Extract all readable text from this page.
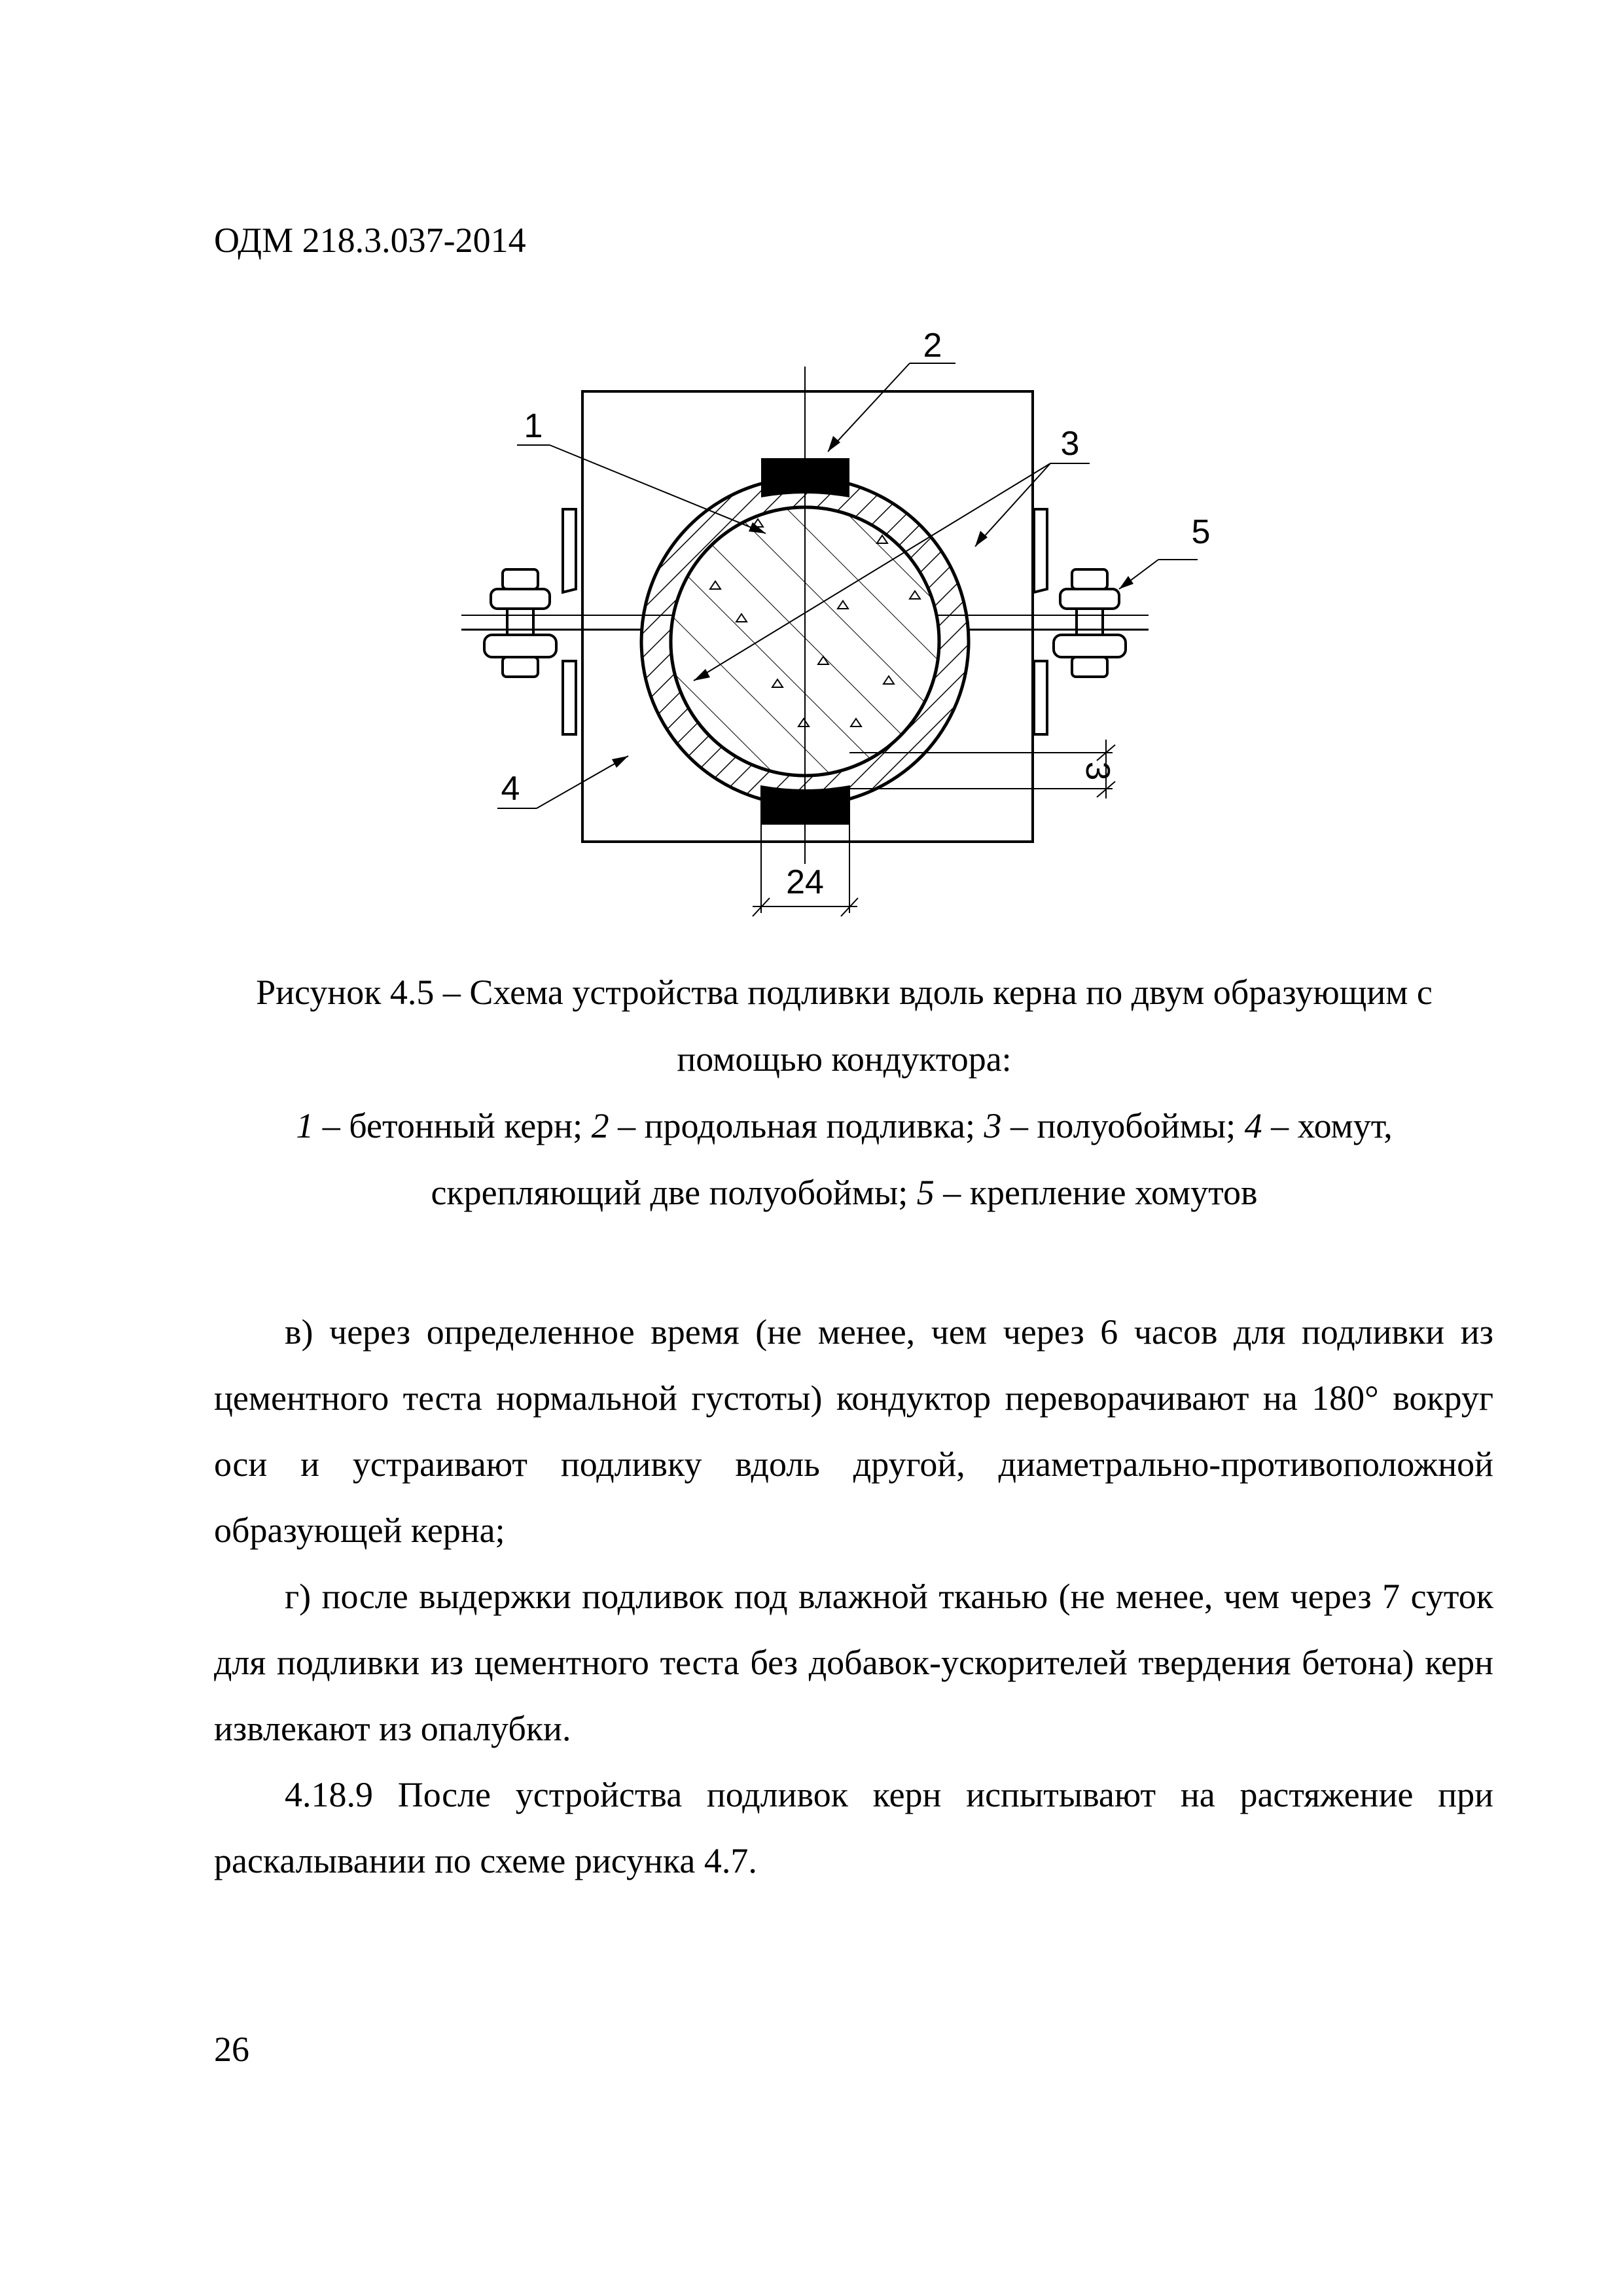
ОДМ 218.3.037-2014
24
3
1
2
3
4
5
Рисунок 4.5 – Схема устройства подливки вдоль керна по двум образующим с
помощью кондуктора:
1 – бетонный керн; 2 – продольная подливка; 3 – полуобоймы; 4 – хомут,
скрепляющий две полуобоймы; 5 – крепление хомутов

в) через определенное время (не менее, чем через 6 часов для подливки из цементного теста нормальной густоты) кондуктор переворачивают на 180° вокруг оси и устраивают подливку вдоль другой, диаметрально-противоположной образующей керна;

г) после выдержки подливок под влажной тканью (не менее, чем через 7 суток для подливки из цементного теста без добавок-ускорителей твердения бетона) керн извлекают из опалубки.

4.18.9 После устройства подливок керн испытывают на растяжение при раскалывании по схеме рисунка 4.7.

26
